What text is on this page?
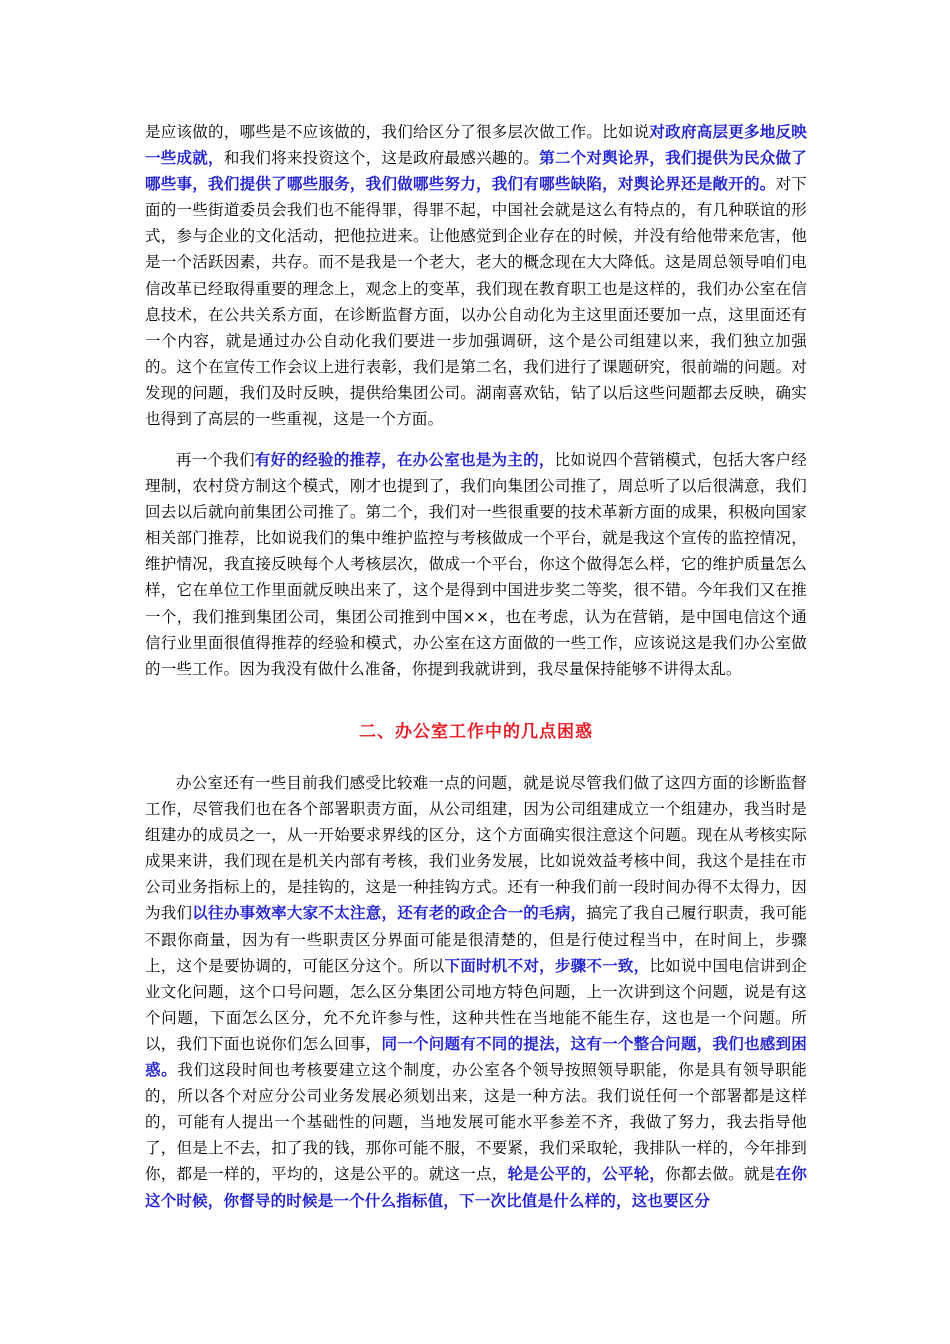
是应该做的，哪些是不应该做的，我们给区分了很多层次做工作。比如说对政府高层更多地反映一些成就，和我们将来投资这个，这是政府最感兴趣的。第二个对舆论界，我们提供为民众做了哪些事，我们提供了哪些服务，我们做哪些努力，我们有哪些缺陷，对舆论界还是敞开的。对下面的一些街道委员会我们也不能得罪，得罪不起，中国社会就是这么有特点的，有几种联谊的形式，参与企业的文化活动，把他拉进来。让他感觉到企业存在的时候，并没有给他带来危害，他是一个活跃因素，共存。而不是我是一个老大，老大的概念现在大大降低。这是周总领导咱们电信改革已经取得重要的理念上，观念上的变革，我们现在教育职工也是这样的，我们办公室在信息技术，在公共关系方面，在诊断监督方面，以办公自动化为主这里面还要加一点，这里面还有一个内容，就是通过办公自动化我们要进一步加强调研，这个是公司组建以来，我们独立加强的。这个在宣传工作会议上进行表彰，我们是第二名，我们进行了课题研究，很前端的问题。对发现的问题，我们及时反映，提供给集团公司。湖南喜欢钻，钻了以后这些问题都去反映，确实也得到了高层的一些重视，这是一个方面。

再一个我们有好的经验的推荐，在办公室也是为主的，比如说四个营销模式，包括大客户经理制，农村贷方制这个模式，刚才也提到了，我们向集团公司推了，周总听了以后很满意，我们回去以后就向前集团公司推了。第二个，我们对一些很重要的技术革新方面的成果，积极向国家相关部门推荐，比如说我们的集中维护监控与考核做成一个平台，就是我这个宣传的监控情况，维护情况，我直接反映每个人考核层次，做成一个平台，你这个做得怎么样，它的维护质量怎么样，它在单位工作里面就反映出来了，这个是得到中国进步奖二等奖，很不错。今年我们又在推一个，我们推到集团公司，集团公司推到中国××，也在考虑，认为在营销，是中国电信这个通信行业里面很值得推荐的经验和模式，办公室在这方面做的一些工作，应该说这是我们办公室做的一些工作。因为我没有做什么准备，你提到我就讲到，我尽量保持能够不讲得太乱。

二、办公室工作中的几点困惑

办公室还有一些目前我们感受比较难一点的问题，就是说尽管我们做了这四方面的诊断监督工作，尽管我们也在各个部署职责方面，从公司组建，因为公司组建成立一个组建办，我当时是组建办的成员之一，从一开始要求界线的区分，这个方面确实很注意这个问题。现在从考核实际成果来讲，我们现在是机关内部有考核，我们业务发展，比如说效益考核中间，我这个是挂在市公司业务指标上的，是挂钩的，这是一种挂钩方式。还有一种我们前一段时间办得不太得力，因为我们以往办事效率大家不太注意，还有老的政企合一的毛病，搞完了我自己履行职责，我可能不跟你商量，因为有一些职责区分界面可能是很清楚的，但是行使过程当中，在时间上，步骤上，这个是要协调的，可能区分这个。所以下面时机不对，步骤不一致，比如说中国电信讲到企业文化问题，这个口号问题，怎么区分集团公司地方特色问题，上一次讲到这个问题，说是有这个问题，下面怎么区分，允不允许参与性，这种共性在当地能不能生存，这也是一个问题。所以，我们下面也说你们怎么回事，同一个问题有不同的提法，这有一个整合问题，我们也感到困惑。我们这段时间也考核要建立这个制度，办公室各个领导按照领导职能，你是具有领导职能的，所以各个对应分公司业务发展必须划出来，这是一种方法。我们说任何一个部署都是这样的，可能有人提出一个基础性的问题，当地发展可能水平参差不齐，我做了努力，我去指导他了，但是上不去，扣了我的钱，那你可能不服，不要紧，我们采取轮，我排队一样的，今年排到你，都是一样的，平均的，这是公平的。就这一点，轮是公平的，公平轮，你都去做。就是在你这个时候，你督导的时候是一个什么指标值，下一次比值是什么样的，这也要区分
